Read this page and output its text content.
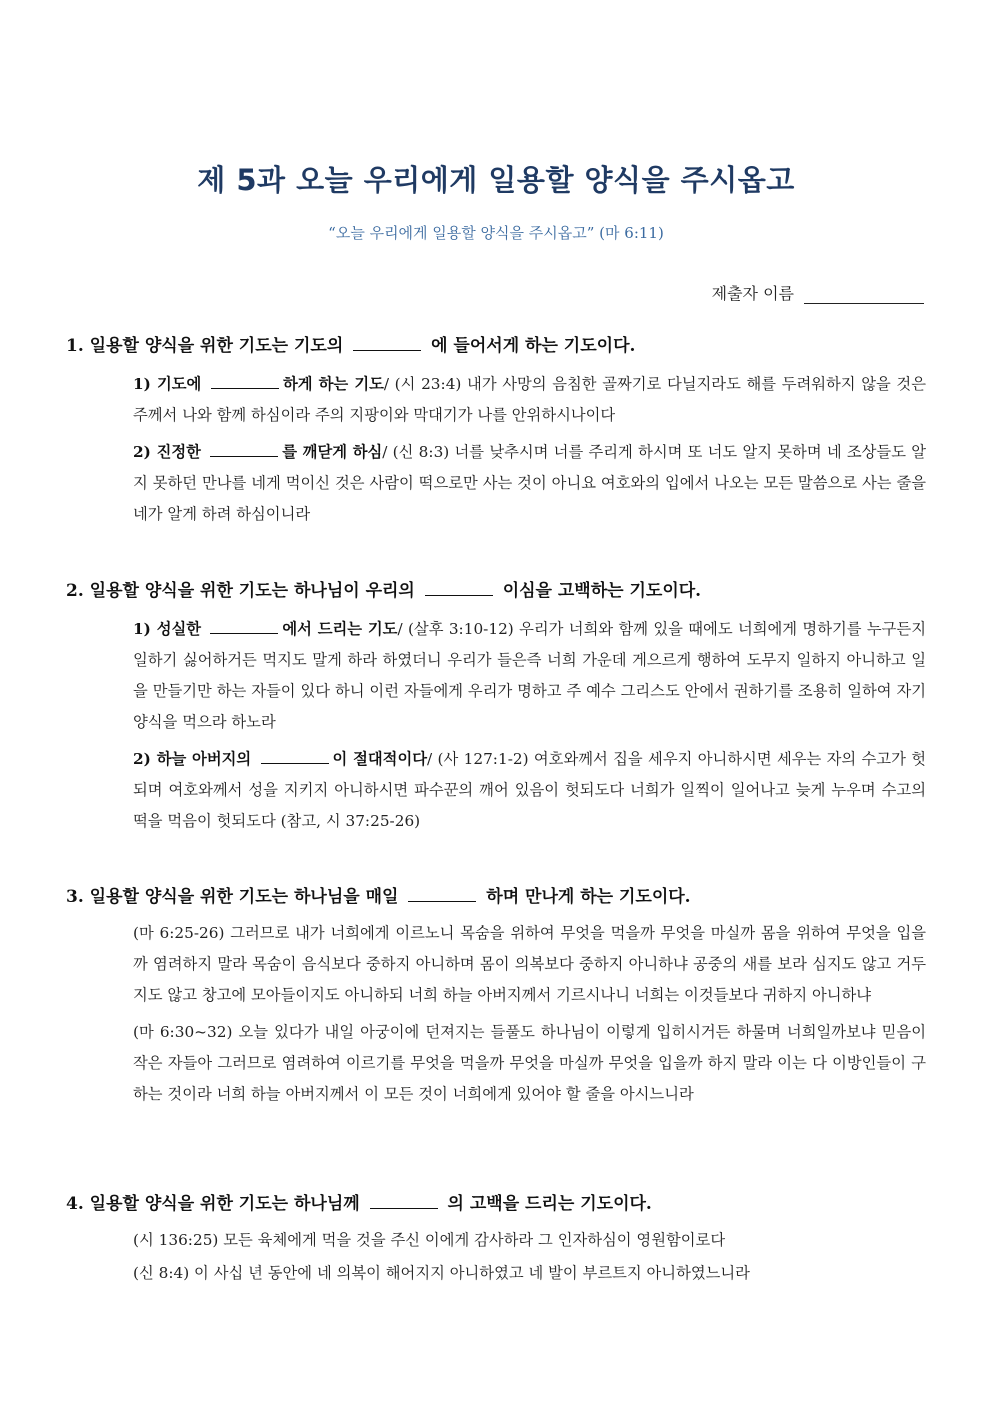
제 5과 오늘 우리에게 일용할 양식을 주시옵고
“오늘 우리에게 일용할 양식을 주시옵고” (마 6:11)
제출자 이름
1. 일용할 양식을 위한 기도는 기도의	에 들어서게 하는 기도이다.
1) 기도에	하게 하는 기도/ (시 23:4) 내가 사망의 음침한 골짜기로 다닐지라도 해를 두려워하지 않을 것은 주께서 나와 함께 하심이라 주의 지팡이와 막대기가 나를 안위하시나이다
2) 진정한	를 깨닫게 하심/ (신 8:3) 너를 낮추시며 너를 주리게 하시며 또 너도 알지 못하며 네 조상들도 알지 못하던 만나를 네게 먹이신 것은 사람이 떡으로만 사는 것이 아니요 여호와의 입에서 나오는 모든 말씀으로 사는 줄을 네가 알게 하려 하심이니라
2. 일용할 양식을 위한 기도는 하나님이 우리의	이심을 고백하는 기도이다.
1) 성실한	에서 드리는 기도/ (살후 3:10-12) 우리가 너희와 함께 있을 때에도 너희에게 명하기를 누구든지 일하기 싫어하거든 먹지도 말게 하라 하였더니 우리가 들은즉 너희 가운데 게으르게 행하여 도무지 일하지 아니하고 일을 만들기만 하는 자들이 있다 하니 이런 자들에게 우리가 명하고 주 예수 그리스도 안에서 권하기를 조용히 일하여 자기 양식을 먹으라 하노라
2) 하늘 아버지의	이 절대적이다/ (사 127:1-2) 여호와께서 집을 세우지 아니하시면 세우는 자의 수고가 헛되며 여호와께서 성을 지키지 아니하시면 파수꾼의 깨어 있음이 헛되도다 너희가 일찍이 일어나고 늦게 누우며 수고의 떡을 먹음이 헛되도다 (참고, 시 37:25-26)
3. 일용할 양식을 위한 기도는 하나님을 매일	하며 만나게 하는 기도이다.
(마 6:25-26) 그러므로 내가 너희에게 이르노니 목숨을 위하여 무엇을 먹을까 무엇을 마실까 몸을 위하여 무엇을 입을까 염려하지 말라 목숨이 음식보다 중하지 아니하며 몸이 의복보다 중하지 아니하냐 공중의 새를 보라 심지도 않고 거두지도 않고 창고에 모아들이지도 아니하되 너희 하늘 아버지께서 기르시나니 너희는 이것들보다 귀하지 아니하냐
(마 6:30~32) 오늘 있다가 내일 아궁이에 던져지는 들풀도 하나님이 이렇게 입히시거든 하물며 너희일까보냐 믿음이 작은 자들아 그러므로 염려하여 이르기를 무엇을 먹을까 무엇을 마실까 무엇을 입을까 하지 말라 이는 다 이방인들이 구하는 것이라 너희 하늘 아버지께서 이 모든 것이 너희에게 있어야 할 줄을 아시느니라
4. 일용할 양식을 위한 기도는 하나님께	의 고백을 드리는 기도이다.
(시 136:25) 모든 육체에게 먹을 것을 주신 이에게 감사하라 그 인자하심이 영원함이로다
(신 8:4) 이 사십 년 동안에 네 의복이 해어지지 아니하였고 네 발이 부르트지 아니하였느니라
